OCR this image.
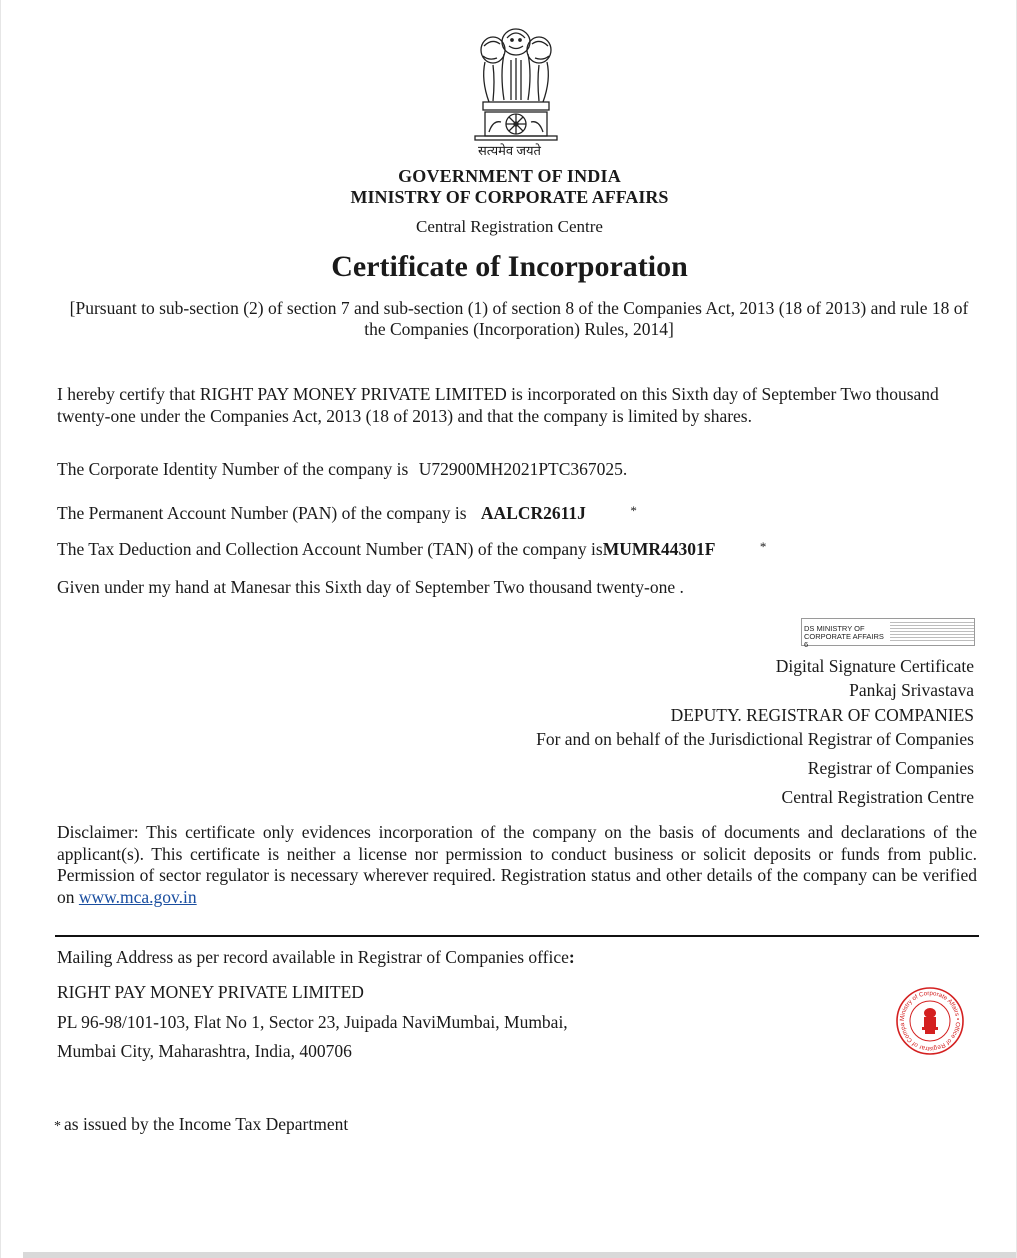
सत्यमेव जयते
GOVERNMENT OF INDIA
MINISTRY OF CORPORATE AFFAIRS
Central Registration Centre
Certificate of Incorporation
[Pursuant to sub-section (2) of section 7 and sub-section (1) of section 8 of the Companies Act, 2013 (18 of 2013) and rule 18 of the Companies (Incorporation) Rules, 2014]
I hereby certify that RIGHT PAY MONEY PRIVATE LIMITED is incorporated on this Sixth day of September Two thousand twenty-one under the Companies Act, 2013 (18 of 2013) and that the company is limited by shares.
The Corporate Identity Number of the company is U72900MH2021PTC367025.
The Permanent Account Number (PAN) of the company is AALCR2611J	*
The Tax Deduction and Collection Account Number (TAN) of the company isMUMR44301F	*
Given under my hand at Manesar this Sixth day of September Two thousand twenty-one .
DS MINISTRY OF
CORPORATE AFFAIRS 6
Digital Signature Certificate
Pankaj Srivastava
DEPUTY. REGISTRAR OF COMPANIES
For and on behalf of the Jurisdictional Registrar of Companies
Registrar of Companies
Central Registration Centre
Disclaimer: This certificate only evidences incorporation of the company on the basis of documents and declarations of the applicant(s). This certificate is neither a license nor permission to conduct business or solicit deposits or funds from public. Permission of sector regulator is necessary wherever required. Registration status and other details of the company can be verified on www.mca.gov.in
Mailing Address as per record available in Registrar of Companies office:
RIGHT PAY MONEY PRIVATE LIMITED
PL 96-98/101-103, Flat No 1, Sector 23, Juipada NaviMumbai, Mumbai,
Mumbai City, Maharashtra, India, 400706
Ministry of Corporate Affairs • Office of Registrar of Compa
* as issued by the Income Tax Department
